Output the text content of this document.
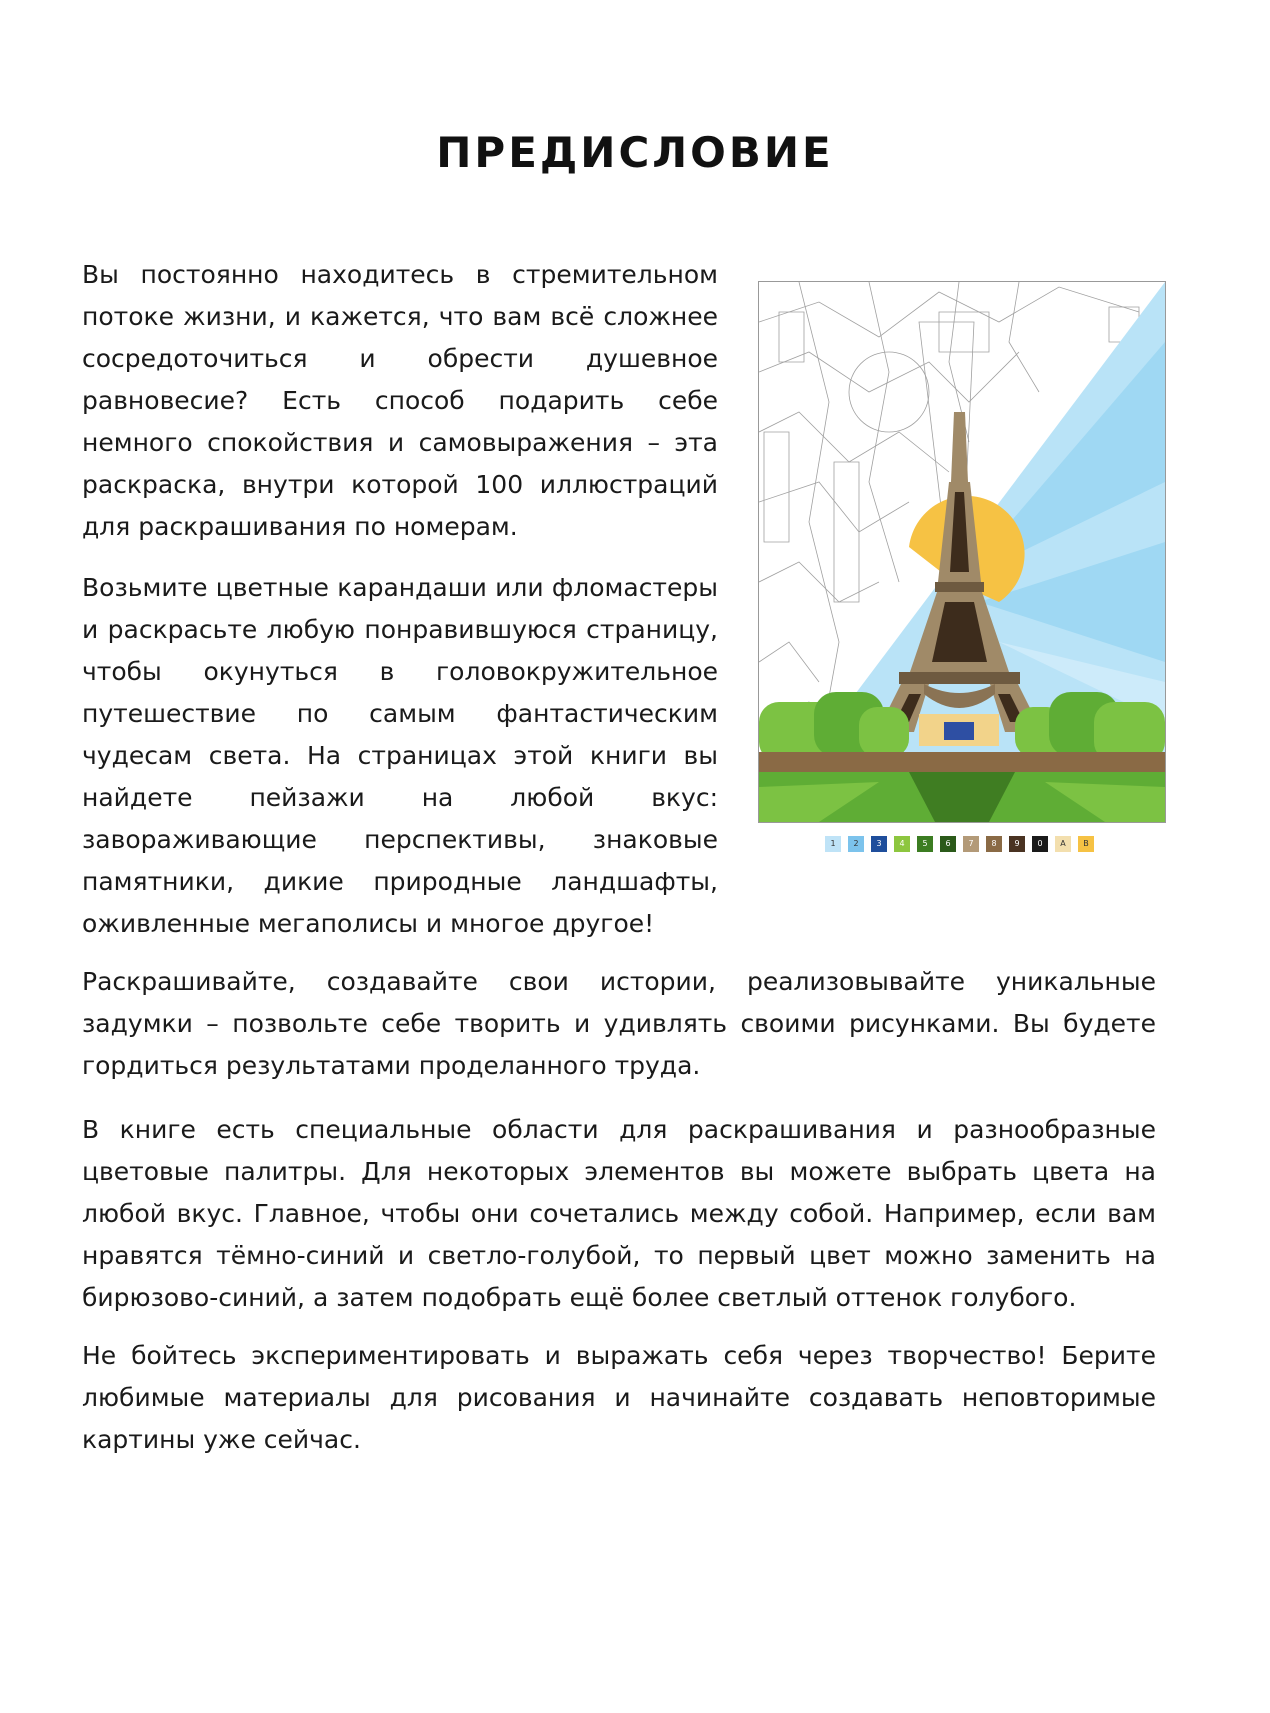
ПРЕДИСЛОВИЕ

Вы постоянно находитесь в стремительном потоке жизни, и кажется, что вам всё сложнее сосредоточиться и обрести душевное равновесие? Есть способ подарить себе немного спокойствия и самовыражения – эта раскраска, внутри которой 100 иллюстраций для раскрашивания по номерам.

Возьмите цветные карандаши или фломастеры и раскрасьте любую понравившуюся страницу, чтобы окунуться в головокружительное путешествие по самым фантастическим чудесам света. На страницах этой книги вы найдете пейзажи на любой вкус: завораживающие перспективы, знаковые памятники, дикие природные ландшафты, оживленные мегаполисы и многое другое!

Раскрашивайте, создавайте свои истории, реализовывайте уникальные задумки – позвольте себе творить и удивлять своими рисунками. Вы будете гордиться результатами проделанного труда.

В книге есть специальные области для раскрашивания и разнообразные цветовые палитры. Для некоторых элементов вы можете выбрать цвета на любой вкус. Главное, чтобы они сочетались между собой. Например, если вам нравятся тёмно-синий и светло-голубой, то первый цвет можно заменить на бирюзово-синий, а затем подобрать ещё более светлый оттенок голубого.

Не бойтесь экспериментировать и выражать себя через творчество! Берите любимые материалы для рисования и начинайте создавать неповторимые картины уже сейчас.

1	2	3	4	5	6	7	8	9	0	A	B
